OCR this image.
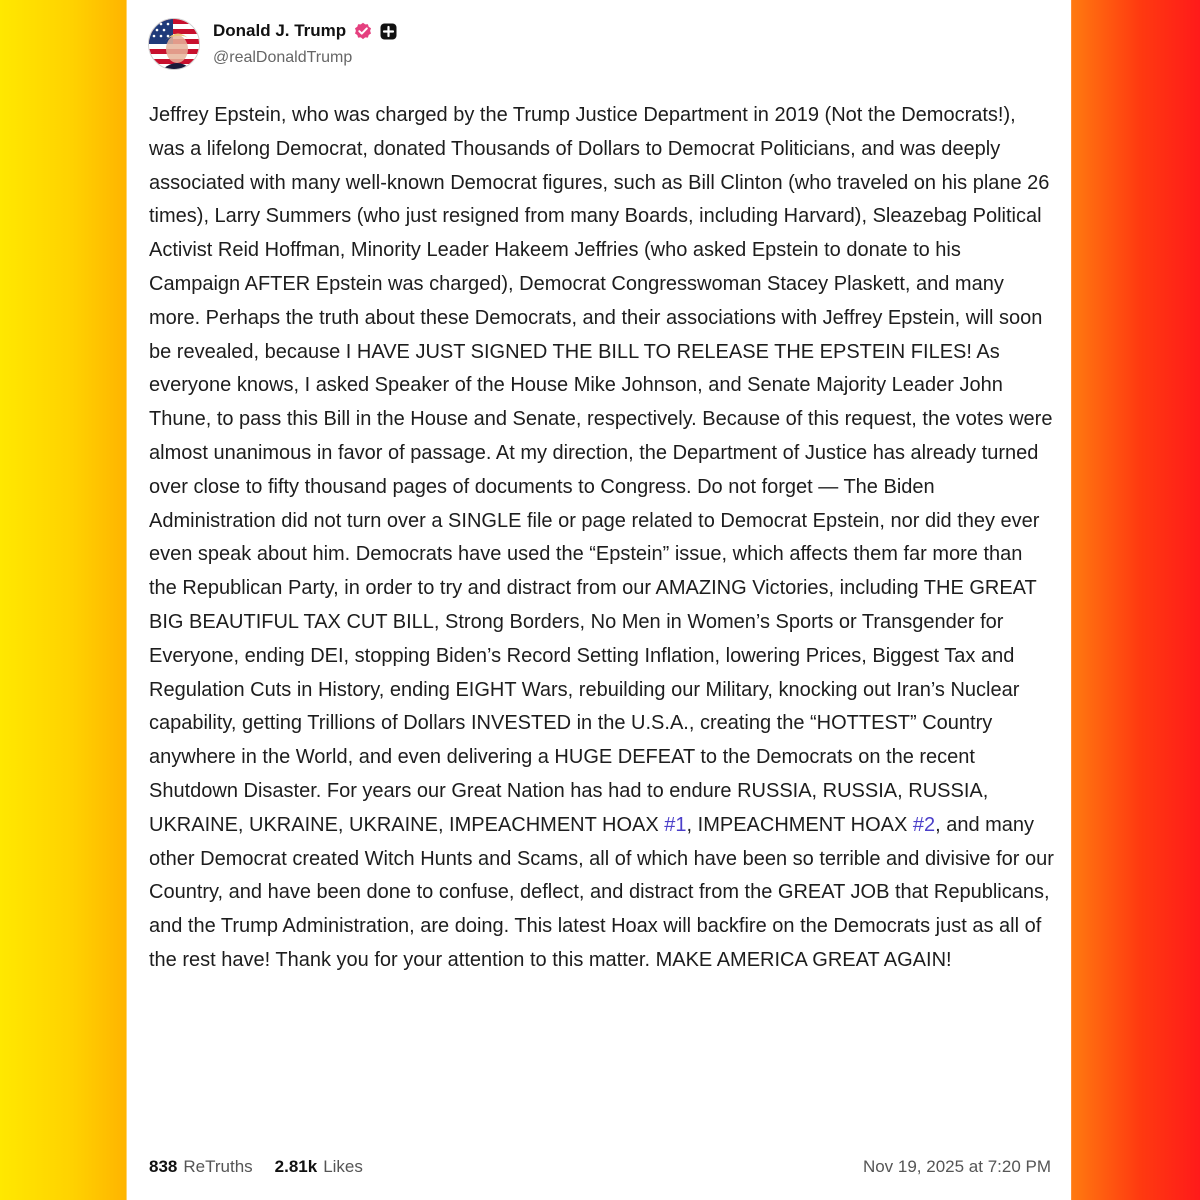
Donald J. Trump
@realDonaldTrump

Jeffrey Epstein, who was charged by the Trump Justice Department in 2019 (Not the Democrats!), was a lifelong Democrat, donated Thousands of Dollars to Democrat Politicians, and was deeply associated with many well-known Democrat figures, such as Bill Clinton (who traveled on his plane 26 times), Larry Summers (who just resigned from many Boards, including Harvard), Sleazebag Political Activist Reid Hoffman, Minority Leader Hakeem Jeffries (who asked Epstein to donate to his Campaign AFTER Epstein was charged), Democrat Congresswoman Stacey Plaskett, and many more. Perhaps the truth about these Democrats, and their associations with Jeffrey Epstein, will soon be revealed, because I HAVE JUST SIGNED THE BILL TO RELEASE THE EPSTEIN FILES! As everyone knows, I asked Speaker of the House Mike Johnson, and Senate Majority Leader John Thune, to pass this Bill in the House and Senate, respectively. Because of this request, the votes were almost unanimous in favor of passage. At my direction, the Department of Justice has already turned over close to fifty thousand pages of documents to Congress. Do not forget — The Biden Administration did not turn over a SINGLE file or page related to Democrat Epstein, nor did they ever even speak about him. Democrats have used the “Epstein” issue, which affects them far more than the Republican Party, in order to try and distract from our AMAZING Victories, including THE GREAT BIG BEAUTIFUL TAX CUT BILL, Strong Borders, No Men in Women’s Sports or Transgender for Everyone, ending DEI, stopping Biden’s Record Setting Inflation, lowering Prices, Biggest Tax and Regulation Cuts in History, ending EIGHT Wars, rebuilding our Military, knocking out Iran’s Nuclear capability, getting Trillions of Dollars INVESTED in the U.S.A., creating the “HOTTEST” Country anywhere in the World, and even delivering a HUGE DEFEAT to the Democrats on the recent Shutdown Disaster. For years our Great Nation has had to endure RUSSIA, RUSSIA, RUSSIA, UKRAINE, UKRAINE, UKRAINE, IMPEACHMENT HOAX #1, IMPEACHMENT HOAX #2, and many other Democrat created Witch Hunts and Scams, all of which have been so terrible and divisive for our Country, and have been done to confuse, deflect, and distract from the GREAT JOB that Republicans, and the Trump Administration, are doing. This latest Hoax will backfire on the Democrats just as all of the rest have! Thank you for your attention to this matter. MAKE AMERICA GREAT AGAIN!

838 ReTruths 2.81k Likes	Nov 19, 2025 at 7:20 PM
